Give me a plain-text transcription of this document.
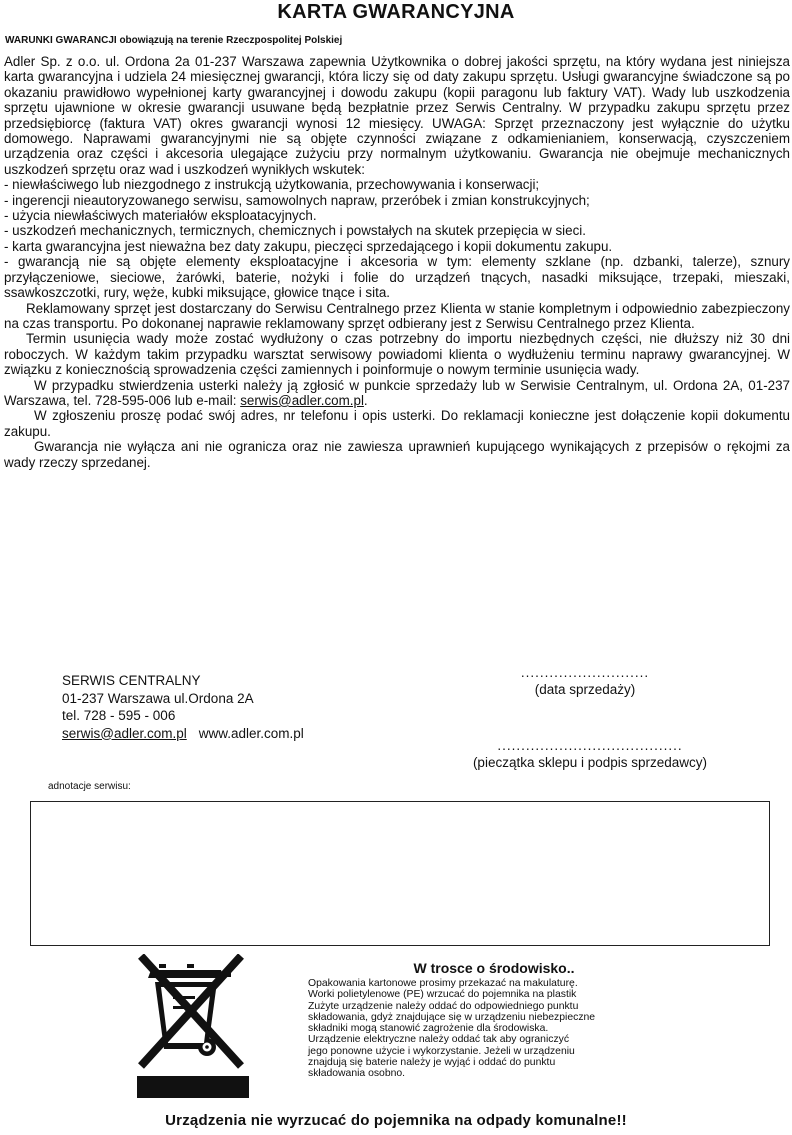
KARTA GWARANCYJNA
WARUNKI GWARANCJI obowiązują na terenie Rzeczpospolitej Polskiej

Adler Sp. z o.o. ul. Ordona 2a 01-237 Warszawa zapewnia Użytkownika o dobrej jakości sprzętu, na który wydana jest niniejsza karta gwarancyjna i udziela 24 miesięcznej gwarancji, która liczy się od daty zakupu sprzętu. Usługi gwarancyjne świadczone są po okazaniu prawidłowo wypełnionej karty gwarancyjnej i dowodu zakupu (kopii paragonu lub faktury VAT). Wady lub uszkodzenia sprzętu ujawnione w okresie gwarancji usuwane będą bezpłatnie przez Serwis Centralny. W przypadku zakupu sprzętu przez przedsiębiorcę (faktura VAT) okres gwarancji wynosi 12 miesięcy. UWAGA: Sprzęt przeznaczony jest wyłącznie do użytku domowego. Naprawami gwarancyjnymi nie są objęte czynności związane z odkamienianiem, konserwacją, czyszczeniem urządzenia oraz części i akcesoria ulegające zużyciu przy normalnym użytkowaniu. Gwarancja nie obejmuje mechanicznych uszkodzeń sprzętu oraz wad i uszkodzeń wynikłych wskutek:

- niewłaściwego lub niezgodnego z instrukcją użytkowania, przechowywania i konserwacji;

- ingerencji nieautoryzowanego serwisu, samowolnych napraw, przeróbek i zmian konstrukcyjnych;

- użycia niewłaściwych materiałów eksploatacyjnych.

- uszkodzeń mechanicznych, termicznych, chemicznych i powstałych na skutek przepięcia w sieci.

- karta gwarancyjna jest nieważna bez daty zakupu, pieczęci sprzedającego i kopii dokumentu zakupu.

- gwarancją nie są objęte elementy eksploatacyjne i akcesoria w tym: elementy szklane (np. dzbanki, talerze), sznury przyłączeniowe, sieciowe, żarówki, baterie, nożyki i folie do urządzeń tnących, nasadki miksujące, trzepaki, mieszaki, ssawkoszczotki, rury, węże, kubki miksujące, głowice tnące i sita.

Reklamowany sprzęt jest dostarczany do Serwisu Centralnego przez Klienta w stanie kompletnym i odpowiednio zabezpieczony na czas transportu. Po dokonanej naprawie reklamowany sprzęt odbierany jest z Serwisu Centralnego przez Klienta.

Termin usunięcia wady może zostać wydłużony o czas potrzebny do importu niezbędnych części, nie dłuższy niż 30 dni roboczych. W każdym takim przypadku warsztat serwisowy powiadomi klienta o wydłużeniu terminu naprawy gwarancyjnej. W związku z koniecznością sprowadzenia części zamiennych i poinformuje o nowym terminie usunięcia wady.

W przypadku stwierdzenia usterki należy ją zgłosić w punkcie sprzedaży lub w Serwisie Centralnym, ul. Ordona 2A, 01-237 Warszawa, tel. 728-595-006 lub e-mail: serwis@adler.com.pl.

W zgłoszeniu proszę podać swój adres, nr telefonu i opis usterki. Do reklamacji konieczne jest dołączenie kopii dokumentu zakupu.

Gwarancja nie wyłącza ani nie ogranicza oraz nie zawiesza uprawnień kupującego wynikających z przepisów o rękojmi za wady rzeczy sprzedanej.

SERWIS CENTRALNY
01-237 Warszawa ul.Ordona 2A
tel. 728 - 595 - 006
serwis@adler.com.pl www.adler.com.pl
...........................
(data sprzedaży)
.......................................
(pieczątka sklepu i podpis sprzedawcy)
adnotacje serwisu:
W trosce o środowisko..
Opakowania kartonowe prosimy przekazać na makulaturę.
Worki polietylenowe (PE) wrzucać do pojemnika na plastik
Zużyte urządzenie należy oddać do odpowiedniego punktu
składowania, gdyż znajdujące się w urządzeniu niebezpieczne
składniki mogą stanowić zagrożenie dla środowiska.
Urządzenie elektryczne należy oddać tak aby ograniczyć
jego ponowne użycie i wykorzystanie. Jeżeli w urządzeniu
znajdują się baterie należy je wyjąć i oddać do punktu
składowania osobno.
Urządzenia nie wyrzucać do pojemnika na odpady komunalne!!
